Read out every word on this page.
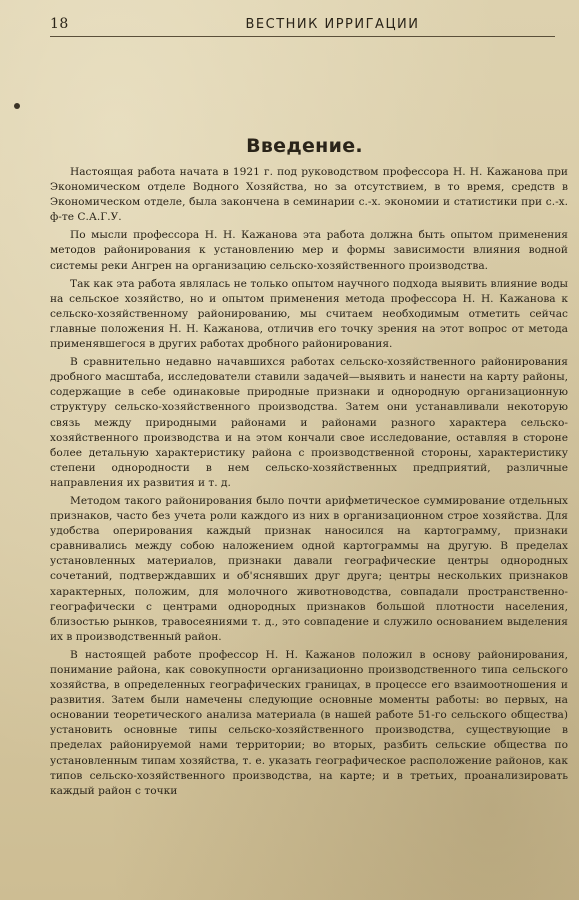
18	ВЕСТНИК ИРРИГАЦИИ
Введение.

Настоящая работа начата в 1921 г. под руководством профессора Н. Н. Кажанова при Экономическом отделе Водного Хозяйства, но за отсутствием, в то время, средств в Экономическом отделе, была закончена в семинарии с.-х. экономии и статистики при с.-х. ф-те С.А.Г.У.

По мысли профессора Н. Н. Кажанова эта работа должна быть опытом применения методов районирования к установлению мер и формы зависимости влияния водной системы реки Ангрен на организацию сельско-хозяйственного производства.

Так как эта работа являлась не только опытом научного подхода выявить влияние воды на сельское хозяйство, но и опытом применения метода профессора Н. Н. Кажанова к сельско-хозяйственному районированию, мы считаем необходимым отметить сейчас главные положения Н. Н. Кажанова, отличив его точку зрения на этот вопрос от метода применявшегося в других работах дробного районирования.

В сравнительно недавно начавшихся работах сельско-хозяйственного районирования дробного масштаба, исследователи ставили задачей—выявить и нанести на карту районы, содержащие в себе одинаковые природные признаки и однородную организационную структуру сельско-хозяйственного производства. Затем они устанавливали некоторую связь между природными районами и районами разного характера сельско-хозяйственного производства и на этом кончали свое исследование, оставляя в стороне более детальную характеристику района с производственной стороны, характеристику степени однородности в нем сельско-хозяйственных предприятий, различные направления их развития и т. д.

Методом такого районирования было почти арифметическое суммирование отдельных признаков, часто без учета роли каждого из них в организационном строе хозяйства. Для удобства оперирования каждый признак наносился на картограмму, признаки сравнивались между собою наложением одной картограммы на другую. В пределах установленных материалов, признаки давали географические центры однородных сочетаний, подтверждавших и об'яснявших друг друга; центры нескольких признаков характерных, положим, для молочного животноводства, совпадали пространственно-географически с центрами однородных признаков большой плотности населения, близостью рынков, травосеяниями т. д., это совпадение и служило основанием выделения их в производственный район.

В настоящей работе профессор Н. Н. Кажанов положил в основу районирования, понимание района, как совокупности организационно производственного типа сельского хозяйства, в определенных географических границах, в процессе его взаимоотношения и развития. Затем были намечены следующие основные моменты работы: во первых, на основании теоретического анализа материала (в нашей работе 51-го сельского общества) установить основные типы сельско-хозяйственного производства, существующие в пределах районируемой нами территории; во вторых, разбить сельские общества по установленным типам хозяйства, т. е. указать географическое расположение районов, как типов сельско-хозяйственного производства, на карте; и в третьих, проанализировать каждый район с точки
